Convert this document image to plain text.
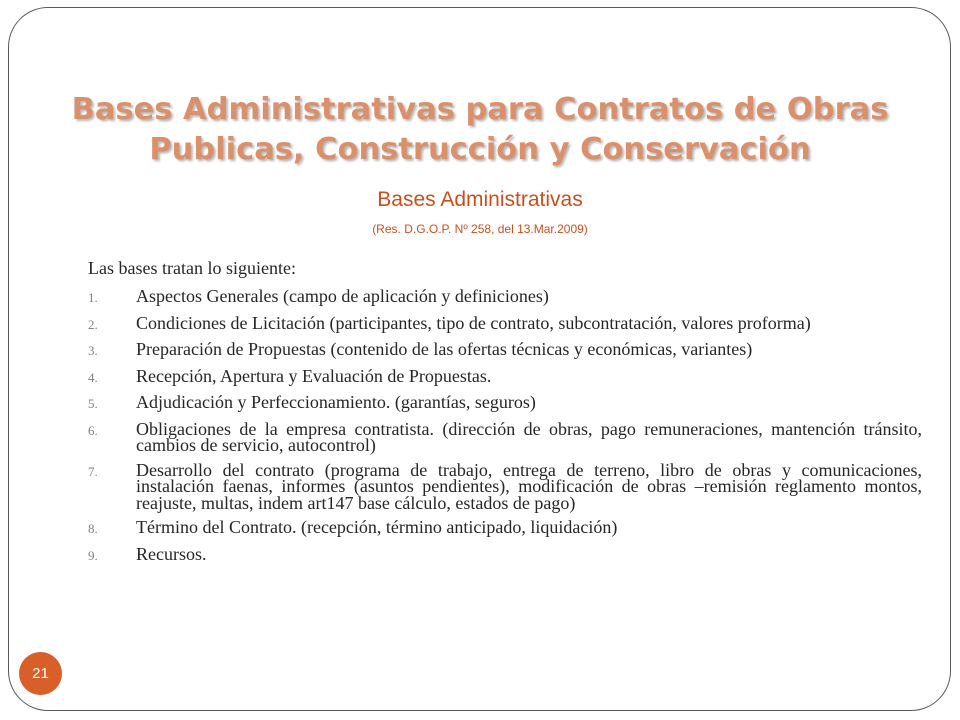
Bases Administrativas para Contratos de Obras
Publicas, Construcción y Conservación
Bases Administrativas
(Res. D.G.O.P. Nº 258, del 13.Mar.2009)
Las bases tratan lo siguiente:
1.	Aspectos Generales (campo de aplicación y definiciones)
2.	Condiciones de Licitación (participantes, tipo de contrato, subcontratación, valores proforma)
3.	Preparación de Propuestas (contenido de las ofertas técnicas y económicas, variantes)
4.	Recepción, Apertura y Evaluación de Propuestas.
5.	Adjudicación y Perfeccionamiento. (garantías, seguros)
6.	Obligaciones de la empresa contratista. (dirección de obras, pago remuneraciones, mantención tránsito, cambios de servicio, autocontrol)
7.	Desarrollo del contrato (programa de trabajo, entrega de terreno, libro de obras y comunicaciones, instalación faenas, informes (asuntos pendientes), modificación de obras –remisión reglamento montos, reajuste, multas, indem art147 base cálculo, estados de pago)
8.	Término del Contrato. (recepción, término anticipado, liquidación)
9.	Recursos.
21
